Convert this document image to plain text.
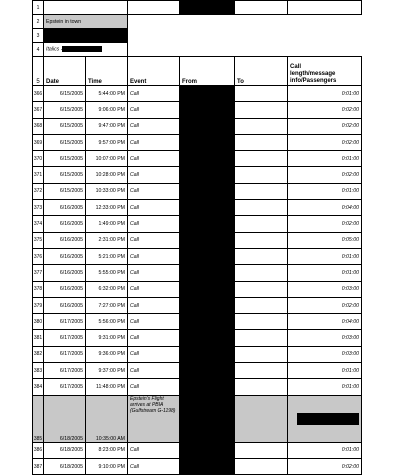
1						
2	Epstein in town					
3						
4	Italics -					
5	Date	Time	Event	From	To	Call
length/message
info/Passengers

366	6/15/2005	5:44:00 PM	Call			0:01:00
367	6/15/2005	9:06:00 PM	Call			0:02:00
368	6/15/2005	9:47:00 PM	Call			0:02:00
369	6/15/2005	9:57:00 PM	Call			0:02:00
370	6/15/2005	10:07:00 PM	Call			0:01:00
371	6/15/2005	10:28:00 PM	Call			0:02:00
372	6/15/2005	10:33:00 PM	Call			0:01:00
373	6/16/2005	12:33:00 PM	Call			0:04:00
374	6/16/2005	1:49:00 PM	Call			0:02:00
375	6/16/2005	2:31:00 PM	Call			0:05:00
376	6/16/2005	5:21:00 PM	Call			0:01:00
377	6/16/2005	5:55:00 PM	Call			0:01:00
378	6/16/2005	6:32:00 PM	Call			0:03:00
379	6/16/2005	7:27:00 PM	Call			0:02:00
380	6/17/2005	5:56:00 PM	Call			0:04:00
381	6/17/2005	9:31:00 PM	Call			0:03:00
382	6/17/2005	9:36:00 PM	Call			0:03:00
383	6/17/2005	9:37:00 PM	Call			0:01:00
384	6/17/2005	11:48:00 PM	Call			0:01:00
385	6/18/2005	10:35:00 AM	Epstein's Flight arrives at PBIA (Gulfstream G-1198)			
386	6/18/2005	8:23:00 PM	Call			0:01:00
387	6/18/2005	9:10:00 PM	Call			0:02:00
